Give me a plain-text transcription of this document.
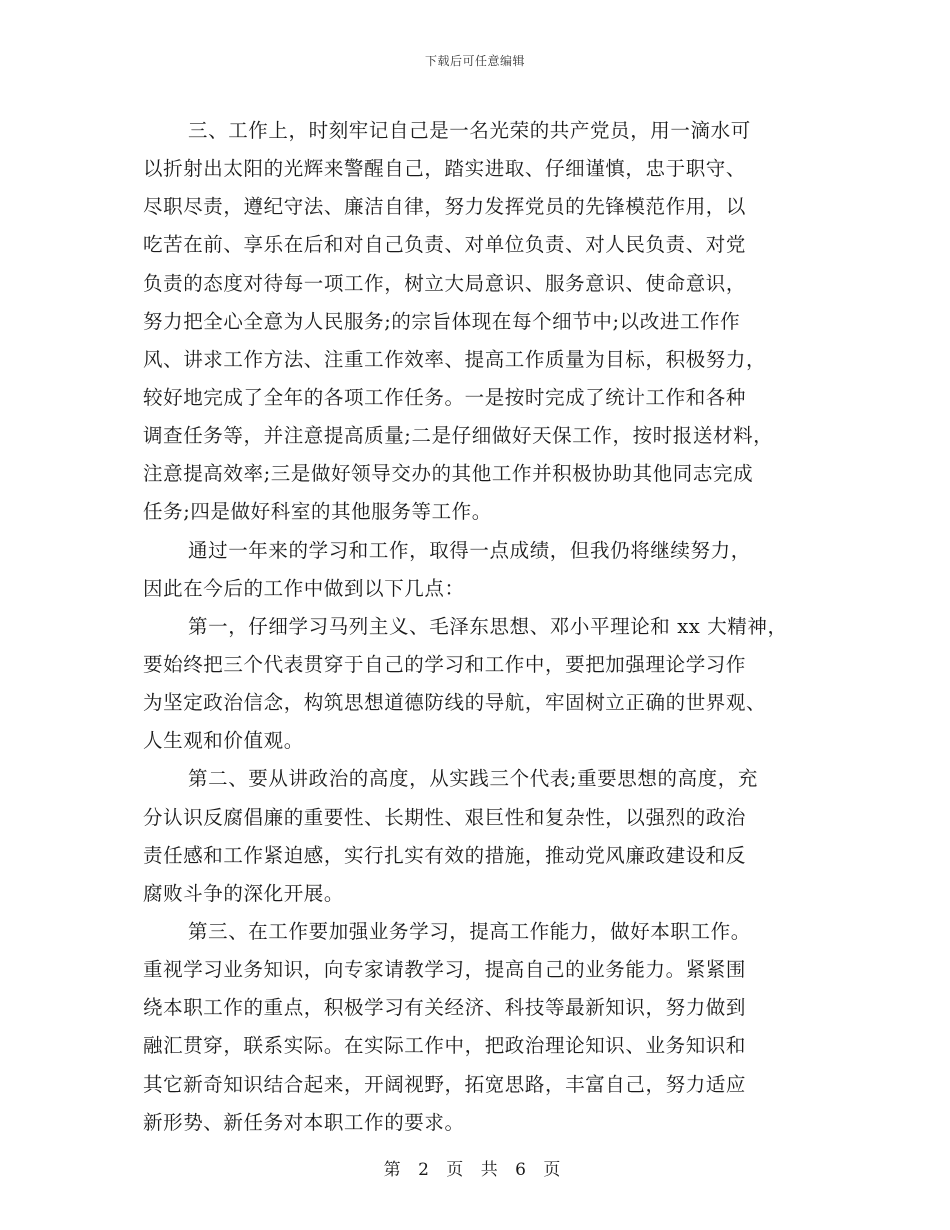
下载后可任意编辑
三、工作上，时刻牢记自己是一名光荣的共产党员，用一滴水可
以折射出太阳的光辉来警醒自己，踏实进取、仔细谨慎，忠于职守、
尽职尽责，遵纪守法、廉洁自律，努力发挥党员的先锋模范作用，以
吃苦在前、享乐在后和对自己负责、对单位负责、对人民负责、对党
负责的态度对待每一项工作，树立大局意识、服务意识、使命意识，
努力把全心全意为人民服务;的宗旨体现在每个细节中;以改进工作作
风、讲求工作方法、注重工作效率、提高工作质量为目标，积极努力，
较好地完成了全年的各项工作任务。一是按时完成了统计工作和各种
调查任务等，并注意提高质量;二是仔细做好天保工作，按时报送材料，
注意提高效率;三是做好领导交办的其他工作并积极协助其他同志完成
任务;四是做好科室的其他服务等工作。
通过一年来的学习和工作，取得一点成绩，但我仍将继续努力，
因此在今后的工作中做到以下几点：
第一，仔细学习马列主义、毛泽东思想、邓小平理论和 xx 大精神，
要始终把三个代表贯穿于自己的学习和工作中，要把加强理论学习作
为坚定政治信念，构筑思想道德防线的导航，牢固树立正确的世界观、
人生观和价值观。
第二、要从讲政治的高度，从实践三个代表;重要思想的高度，充
分认识反腐倡廉的重要性、长期性、艰巨性和复杂性，以强烈的政治
责任感和工作紧迫感，实行扎实有效的措施，推动党风廉政建设和反
腐败斗争的深化开展。
第三、在工作要加强业务学习，提高工作能力，做好本职工作。
重视学习业务知识，向专家请教学习，提高自己的业务能力。紧紧围
绕本职工作的重点，积极学习有关经济、科技等最新知识，努力做到
融汇贯穿，联系实际。在实际工作中，把政治理论知识、业务知识和
其它新奇知识结合起来，开阔视野，拓宽思路，丰富自己，努力适应
新形势、新任务对本职工作的要求。
第 2 页 共 6 页
